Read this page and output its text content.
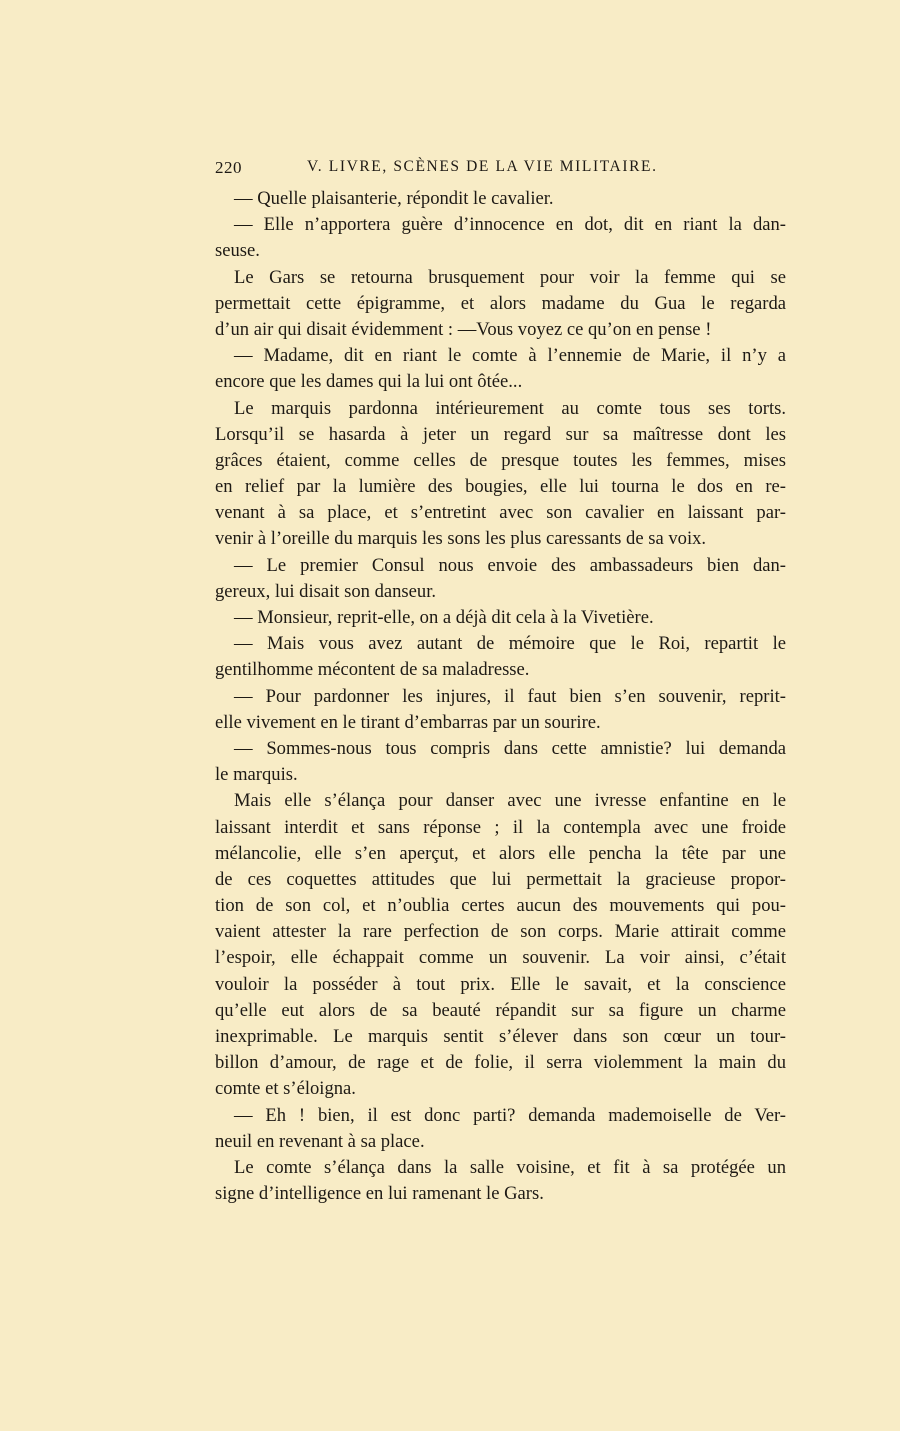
220	V. LIVRE, SCÈNES DE LA VIE MILITAIRE.
— Quelle plaisanterie, répondit le cavalier.
— Elle n’apportera guère d’innocence en dot, dit en riant la dan-
seuse.
Le Gars se retourna brusquement pour voir la femme qui se
permettait cette épigramme, et alors madame du Gua le regarda
d’un air qui disait évidemment : —Vous voyez ce qu’on en pense !
— Madame, dit en riant le comte à l’ennemie de Marie, il n’y a
encore que les dames qui la lui ont ôtée...
Le marquis pardonna intérieurement au comte tous ses torts.
Lorsqu’il se hasarda à jeter un regard sur sa maîtresse dont les
grâces étaient, comme celles de presque toutes les femmes, mises
en relief par la lumière des bougies, elle lui tourna le dos en re-
venant à sa place, et s’entretint avec son cavalier en laissant par-
venir à l’oreille du marquis les sons les plus caressants de sa voix.
— Le premier Consul nous envoie des ambassadeurs bien dan-
gereux, lui disait son danseur.
— Monsieur, reprit-elle, on a déjà dit cela à la Vivetière.
— Mais vous avez autant de mémoire que le Roi, repartit le
gentilhomme mécontent de sa maladresse.
— Pour pardonner les injures, il faut bien s’en souvenir, reprit-
elle vivement en le tirant d’embarras par un sourire.
— Sommes-nous tous compris dans cette amnistie? lui demanda
le marquis.
Mais elle s’élança pour danser avec une ivresse enfantine en le
laissant interdit et sans réponse ; il la contempla avec une froide
mélancolie, elle s’en aperçut, et alors elle pencha la tête par une
de ces coquettes attitudes que lui permettait la gracieuse propor-
tion de son col, et n’oublia certes aucun des mouvements qui pou-
vaient attester la rare perfection de son corps. Marie attirait comme
l’espoir, elle échappait comme un souvenir. La voir ainsi, c’était
vouloir la posséder à tout prix. Elle le savait, et la conscience
qu’elle eut alors de sa beauté répandit sur sa figure un charme
inexprimable. Le marquis sentit s’élever dans son cœur un tour-
billon d’amour, de rage et de folie, il serra violemment la main du
comte et s’éloigna.
— Eh ! bien, il est donc parti? demanda mademoiselle de Ver-
neuil en revenant à sa place.
Le comte s’élança dans la salle voisine, et fit à sa protégée un
signe d’intelligence en lui ramenant le Gars.
